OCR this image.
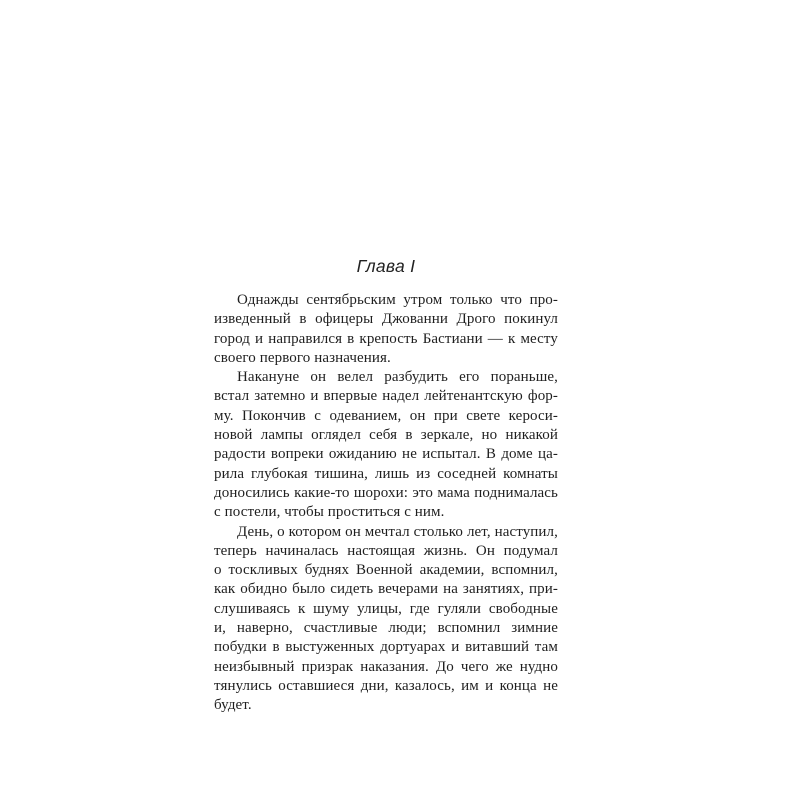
Глава I
Однажды сентябрьским утром только что про-
изведенный в офицеры Джованни Дрого покинул
город и направился в крепость Бастиани — к месту
своего первого назначения.
Накануне он велел разбудить его пораньше,
встал затемно и впервые надел лейтенантскую фор-
му. Покончив с одеванием, он при свете кероси-
новой лампы оглядел себя в зеркале, но никакой
радости вопреки ожиданию не испытал. В доме ца-
рила глубокая тишина, лишь из соседней комнаты
доносились какие-то шорохи: это мама поднималась
с постели, чтобы проститься с ним.
День, о котором он мечтал столько лет, наступил,
теперь начиналась настоящая жизнь. Он подумал
о тоскливых буднях Военной академии, вспомнил,
как обидно было сидеть вечерами на занятиях, при-
слушиваясь к шуму улицы, где гуляли свободные
и, наверно, счастливые люди; вспомнил зимние
побудки в выстуженных дортуарах и витавший там
неизбывный призрак наказания. До чего же нудно
тянулись оставшиеся дни, казалось, им и конца не
будет.
